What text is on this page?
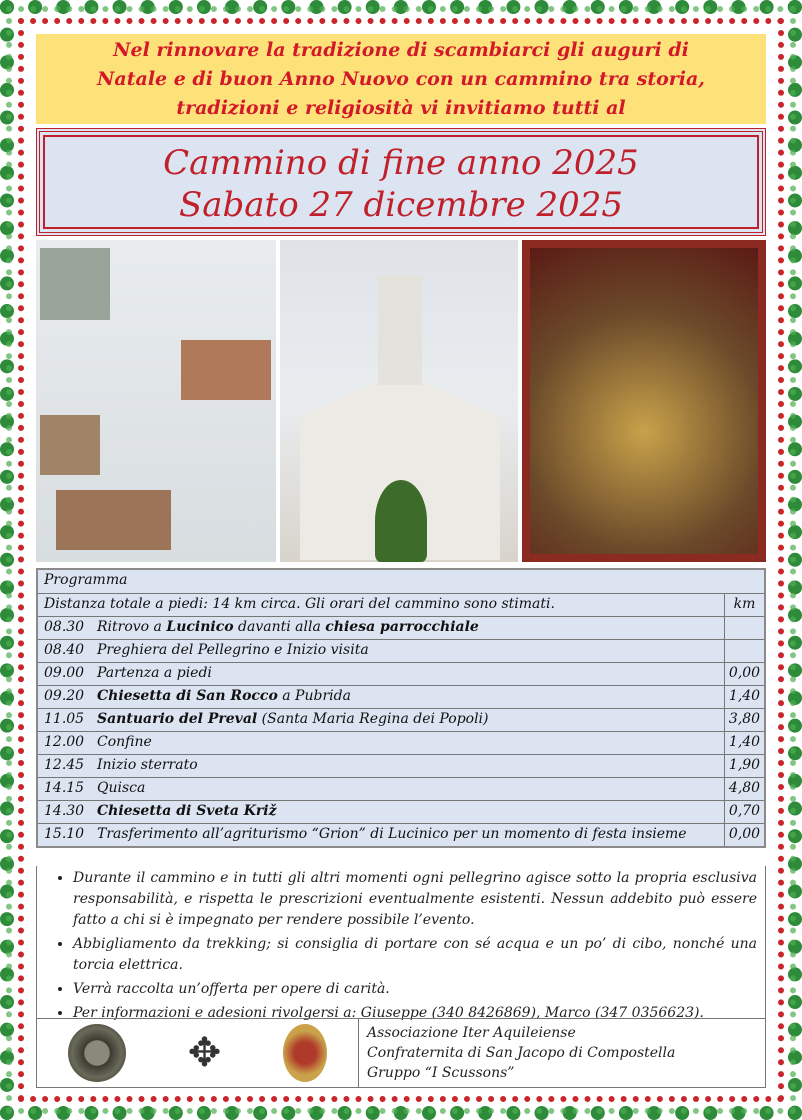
Nel rinnovare la tradizione di scambiarci gli auguri di
Natale e di buon Anno Nuovo con un cammino tra storia,
tradizioni e religiosità vi invitiamo tutti al
Cammino di fine anno 2025
Sabato 27 dicembre 2025
Programma
Distanza totale a piedi: 14 km circa. Gli orari del cammino sono stimati.	km
08.30 Ritrovo a Lucinico davanti alla chiesa parrocchiale
08.40 Preghiera del Pellegrino e Inizio visita
09.00 Partenza a piedi	0,00
09.20 Chiesetta di San Rocco a Pubrida	1,40
11.05 Santuario del Preval (Santa Maria Regina dei Popoli)	3,80
12.00 Confine	1,40
12.45 Inizio sterrato	1,90
14.15 Quisca	4,80
14.30 Chiesetta di Sveta Križ	0,70
15.10 Trasferimento all’agriturismo “Grion” di Lucinico per un momento di festa insieme	0,00
• Durante il cammino e in tutti gli altri momenti ogni pellegrino agisce sotto la propria esclusiva responsabilità, e rispetta le prescrizioni eventualmente esistenti. Nessun addebito può essere fatto a chi si è impegnato per rendere possibile l’evento.
• Abbigliamento da trekking; si consiglia di portare con sé acqua e un po’ di cibo, nonché una torcia elettrica.
• Verrà raccolta un’offerta per opere di carità.
• Per informazioni e adesioni rivolgersi a: Giuseppe (340 8426869), Marco (347 0356623).
✥	Associazione Iter Aquileiense
Confraternita di San Jacopo di Compostella
Gruppo “I Scussons”
